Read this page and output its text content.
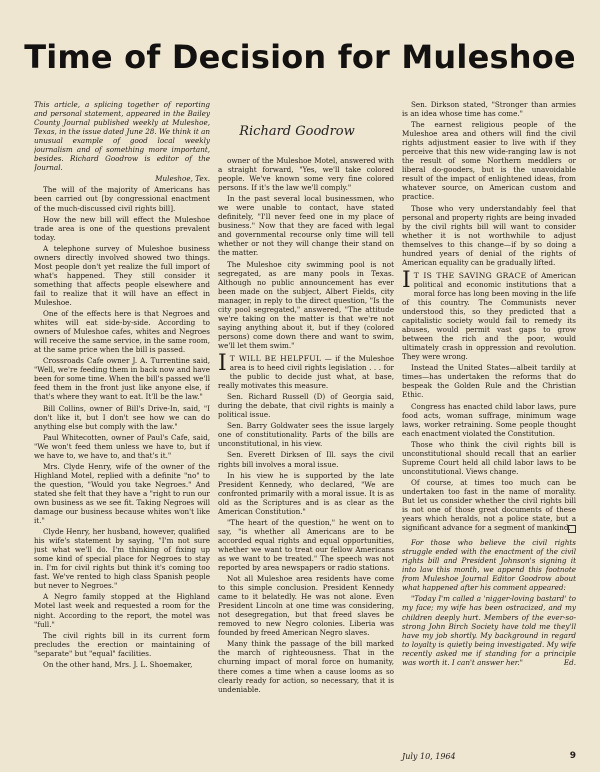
Time of Decision for Muleshoe

This article, a splicing together of reporting and personal statement, appeared in the Bailey County Journal published weekly at Muleshoe, Texas, in the issue dated June 28. We think it an unusual example of good local weekly journalism and of something more important, besides. Richard Goodrow is editor of the Journal.

Muleshoe, Tex.

The will of the majority of Americans has been carried out [by congressional enactment of the much-discussed civil rights bill].

How the new bill will effect the Muleshoe trade area is one of the questions prevalent today.

A telephone survey of Muleshoe business owners directly involved showed two things. Most people don't yet realize the full import of what's happened. They still consider it something that affects people elsewhere and fail to realize that it will have an effect in Muleshoe.

One of the effects here is that Negroes and whites will eat side-by-side. According to owners of Muleshoe cafes, whites and Negroes will receive the same service, in the same room, at the same price when the bill is passed.

Crossroads Cafe owner J. A. Turrentine said, "Well, we're feeding them in back now and have been for some time. When the bill's passed we'll feed them in the front just like anyone else, if that's where they want to eat. It'll be the law."

Bill Collins, owner of Bill's Drive-In, said, "I don't like it, but I don't see how we can do anything else but comply with the law."

Paul Whitecotten, owner of Paul's Cafe, said, "We won't feed them unless we have to, but if we have to, we have to, and that's it."

Mrs. Clyde Henry, wife of the owner of the Highland Motel, replied with a definite "no" to the question, "Would you take Negroes." And stated she felt that they have a "right to run our own business as we see fit. Taking Negroes will damage our business because whites won't like it."

Clyde Henry, her husband, however, qualified his wife's statement by saying, "I'm not sure just what we'll do. I'm thinking of fixing up some kind of special place for Negroes to stay in. I'm for civil rights but think it's coming too fast. We've rented to high class Spanish people but never to Negroes."

A Negro family stopped at the Highland Motel last week and requested a room for the night. According to the report, the motel was "full."

The civil rights bill in its current form precludes the erection or maintaining of "separate" but "equal" facilities.

On the other hand, Mrs. J. L. Shoemaker,

Richard Goodrow

owner of the Muleshoe Motel, answered with a straight forward, "Yes, we'll take colored people. We've known some very fine colored persons. If it's the law we'll comply."

In the past several local businessmen, who we were unable to contact, have stated definitely, "I'll never feed one in my place of business." Now that they are faced with legal and governmental recourse only time will tell whether or not they will change their stand on the matter.

The Muleshoe city swimming pool is not segregated, as are many pools in Texas. Although no public announcement has ever been made on the subject, Albert Fields, city manager, in reply to the direct question, "Is the city pool segregated," answered, "The attitude we're taking on the matter is that we're not saying anything about it, but if they (colored persons) come down there and want to swim, we'll let them swim."

I T WILL BE HELPFUL — if the Muleshoe area is to heed civil rights legislation . . . for the public to decide just what, at base, really motivates this measure.

Sen. Richard Russell (D) of Georgia said, during the debate, that civil rights is mainly a political issue.

Sen. Barry Goldwater sees the issue largely one of constitutionality. Parts of the bills are unconstitutional, in his view.

Sen. Everett Dirksen of Ill. says the civil rights bill involves a moral issue.

In his view he is supported by the late President Kennedy, who declared, "We are confronted primarily with a moral issue. It is as old as the Scriptures and is as clear as the American Constitution."

"The heart of the question," he went on to say, "is whether all Americans are to be accorded equal rights and equal opportunities, whether we want to treat our fellow Americans as we want to be treated." The speech was not reported by area newspapers or radio stations.

Not all Muleshoe area residents have come to this simple conclusion. President Kennedy came to it belatedly. He was not alone. Even President Lincoln at one time was considering, not desegregation, but that freed slaves be removed to new Negro colonies. Liberia was founded by freed American Negro slaves.

Many think the passage of the bill marked the march of righteousness. That in the churning impact of moral force on humanity, there comes a time when a cause looms as so clearly ready for action, so necessary, that it is undeniable.

Sen. Dirkson stated, "Stronger than armies is an idea whose time has come."

The earnest religious people of the Muleshoe area and others will find the civil rights adjustment easier to live with if they perceive that this new wide-ranging law is not the result of some Northern meddlers or liberal do-gooders, but is the unavoidable result of the impact of enlightened ideas, from whatever source, on American custom and practice.

Those who very understandably feel that personal and property rights are being invaded by the civil rights bill will want to consider whether it is not worthwhile to adjust themselves to this change—if by so doing a hundred years of denial of the rights of American equality can be gradually lifted.

I T IS THE SAVING GRACE of American political and economic institutions that a moral force has long been moving in the life of this country. The Communists never understood this, so they predicted that a capitalistic society would fail to remedy its abuses, would permit vast gaps to grow between the rich and the poor, would ultimately crash in oppression and revolution. They were wrong.

Instead the United States—albeit tardily at times—has undertaken the reforms that do bespeak the Golden Rule and the Christian Ethic.

Congress has enacted child labor laws, pure food acts, woman suffrage, minimum wage laws, worker retraining. Some people thought each enactment violated the Constitution.

Those who think the civil rights bill is unconstitutional should recall that an earlier Supreme Court held all child labor laws to be unconstitutional. Views change.

Of course, at times too much can be undertaken too fast in the name of morality. But let us consider whether the civil rights bill is not one of those great documents of these years which heralds, not a police state, but a significant advance for a segment of mankind.

For those who believe the civil rights struggle ended with the enactment of the civil rights bill and President Johnson's signing it into law this month, we append this footnote from Muleshoe Journal Editor Goodrow about what happened after his comment appeared:

"Today I'm called a 'nigger-loving bastard' to my face; my wife has been ostracized, and my children deeply hurt. Members of the ever-so-strong John Birch Society have told me they'll have my job shortly. My background in regard to loyalty is quietly being investigated. My wife recently asked me if standing for a principle was worth it. I can't answer her."	Ed.

July 10, 1964	9
